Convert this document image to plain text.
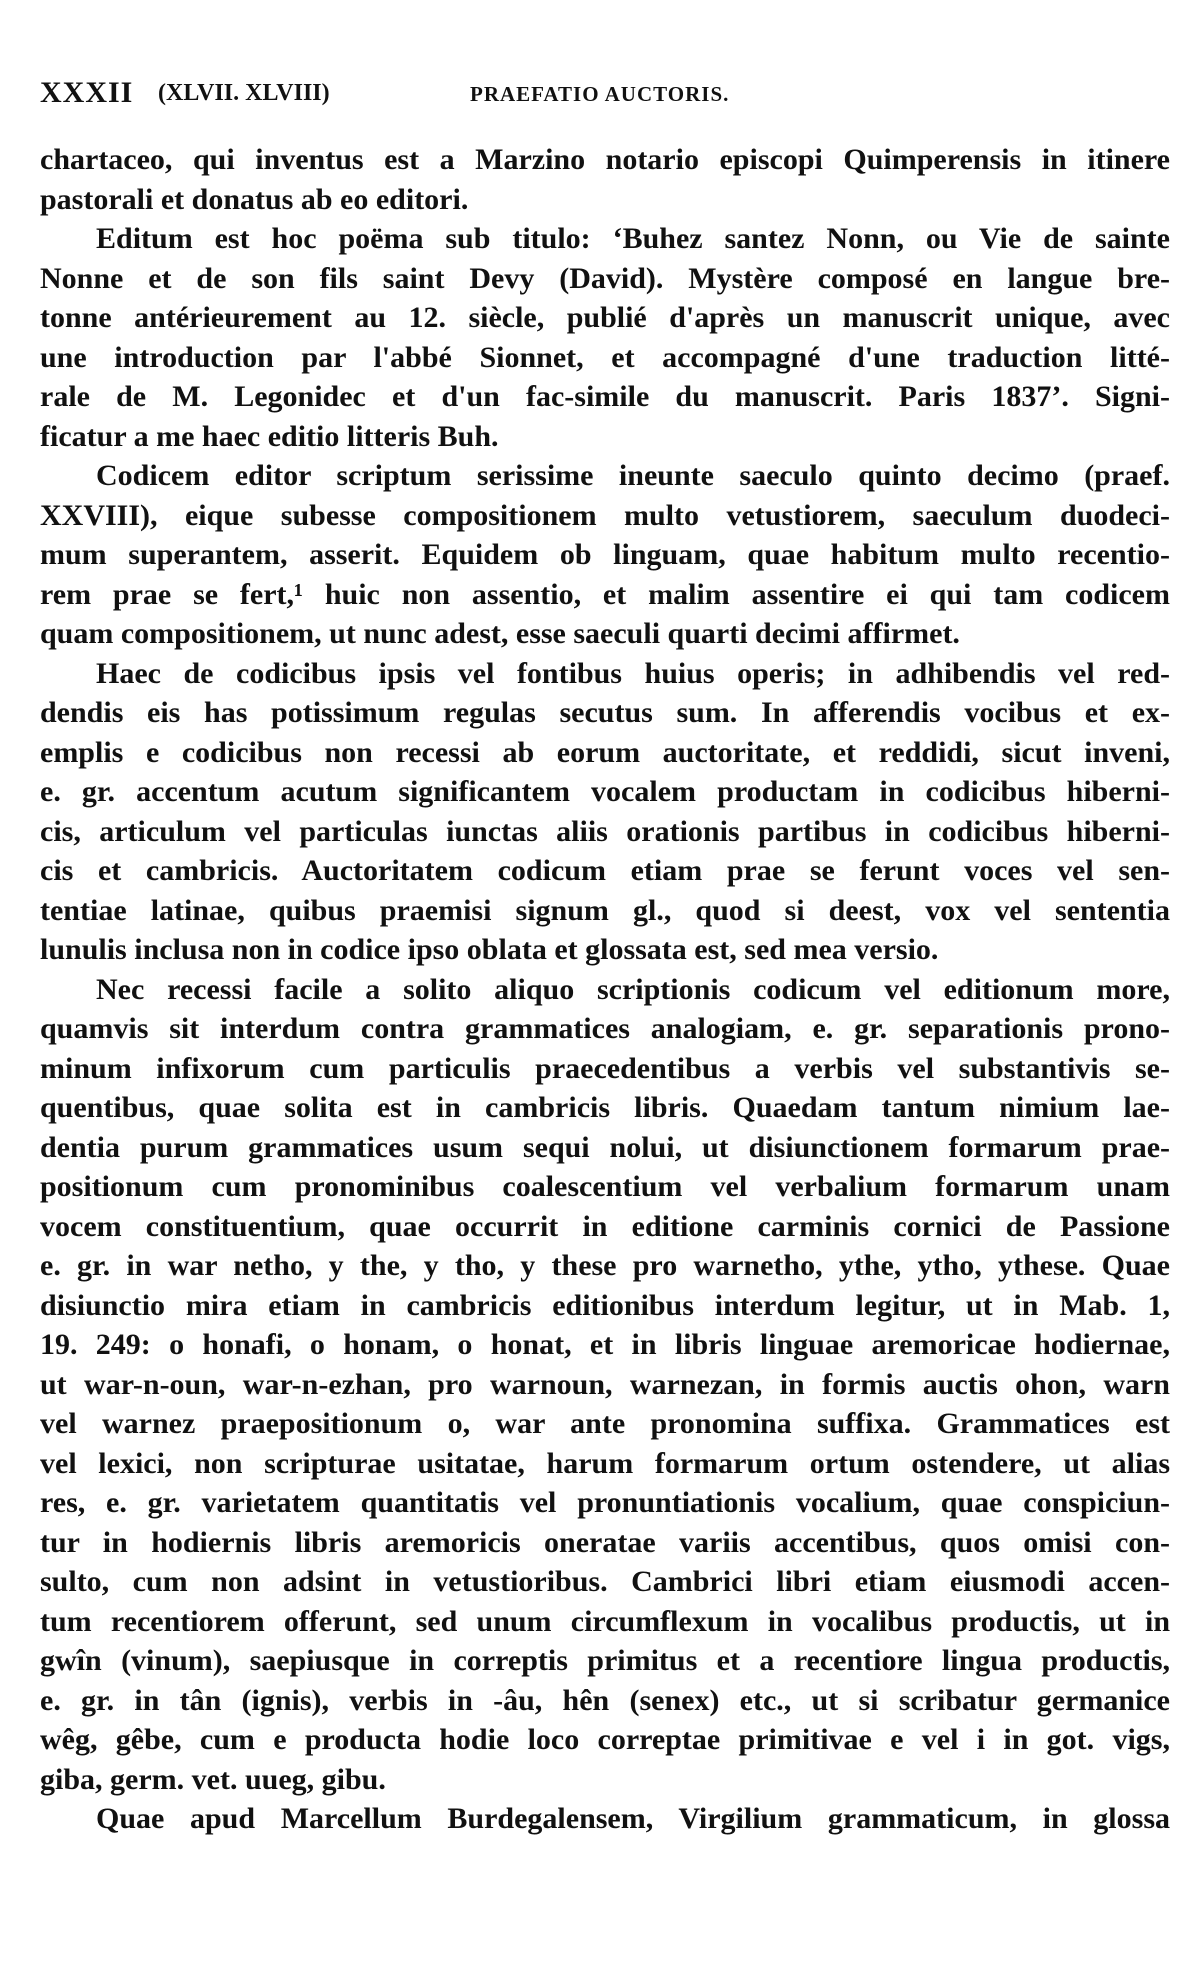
XXXII (XLVII. XLVIII)	PRAEFATIO AUCTORIS.
chartaceo, qui inventus est a Marzino notario episcopi Quimperensis in itinere
pastorali et donatus ab eo editori.
Editum est hoc poëma sub titulo: ‘Buhez santez Nonn, ou Vie de sainte
Nonne et de son fils saint Devy (David). Mystère composé en langue bre-
tonne antérieurement au 12. siècle, publié d'après un manuscrit unique, avec
une introduction par l'abbé Sionnet, et accompagné d'une traduction litté-
rale de M. Legonidec et d'un fac-simile du manuscrit. Paris 1837’. Signi-
ficatur a me haec editio litteris Buh.
Codicem editor scriptum serissime ineunte saeculo quinto decimo (praef.
XXVIII), eique subesse compositionem multo vetustiorem, saeculum duodeci-
mum superantem, asserit. Equidem ob linguam, quae habitum multo recentio-
rem prae se fert,¹ huic non assentio, et malim assentire ei qui tam codicem
quam compositionem, ut nunc adest, esse saeculi quarti decimi affirmet.
Haec de codicibus ipsis vel fontibus huius operis; in adhibendis vel red-
dendis eis has potissimum regulas secutus sum. In afferendis vocibus et ex-
emplis e codicibus non recessi ab eorum auctoritate, et reddidi, sicut inveni,
e. gr. accentum acutum significantem vocalem productam in codicibus hiberni-
cis, articulum vel particulas iunctas aliis orationis partibus in codicibus hiberni-
cis et cambricis. Auctoritatem codicum etiam prae se ferunt voces vel sen-
tentiae latinae, quibus praemisi signum gl., quod si deest, vox vel sententia
lunulis inclusa non in codice ipso oblata et glossata est, sed mea versio.
Nec recessi facile a solito aliquo scriptionis codicum vel editionum more,
quamvis sit interdum contra grammatices analogiam, e. gr. separationis prono-
minum infixorum cum particulis praecedentibus a verbis vel substantivis se-
quentibus, quae solita est in cambricis libris. Quaedam tantum nimium lae-
dentia purum grammatices usum sequi nolui, ut disiunctionem formarum prae-
positionum cum pronominibus coalescentium vel verbalium formarum unam
vocem constituentium, quae occurrit in editione carminis cornici de Passione
e. gr. in war netho, y the, y tho, y these pro warnetho, ythe, ytho, ythese. Quae
disiunctio mira etiam in cambricis editionibus interdum legitur, ut in Mab. 1,
19. 249: o honafi, o honam, o honat, et in libris linguae aremoricae hodiernae,
ut war-n-oun, war-n-ezhan, pro warnoun, warnezan, in formis auctis ohon, warn
vel warnez praepositionum o, war ante pronomina suffixa. Grammatices est
vel lexici, non scripturae usitatae, harum formarum ortum ostendere, ut alias
res, e. gr. varietatem quantitatis vel pronuntiationis vocalium, quae conspiciun-
tur in hodiernis libris aremoricis oneratae variis accentibus, quos omisi con-
sulto, cum non adsint in vetustioribus. Cambrici libri etiam eiusmodi accen-
tum recentiorem offerunt, sed unum circumflexum in vocalibus productis, ut in
gwîn (vinum), saepiusque in correptis primitus et a recentiore lingua productis,
e. gr. in tân (ignis), verbis in -âu, hên (senex) etc., ut si scribatur germanice
wêg, gêbe, cum e producta hodie loco correptae primitivae e vel i in got. vigs,
giba, germ. vet. uueg, gibu.
Quae apud Marcellum Burdegalensem, Virgilium grammaticum, in glossa
